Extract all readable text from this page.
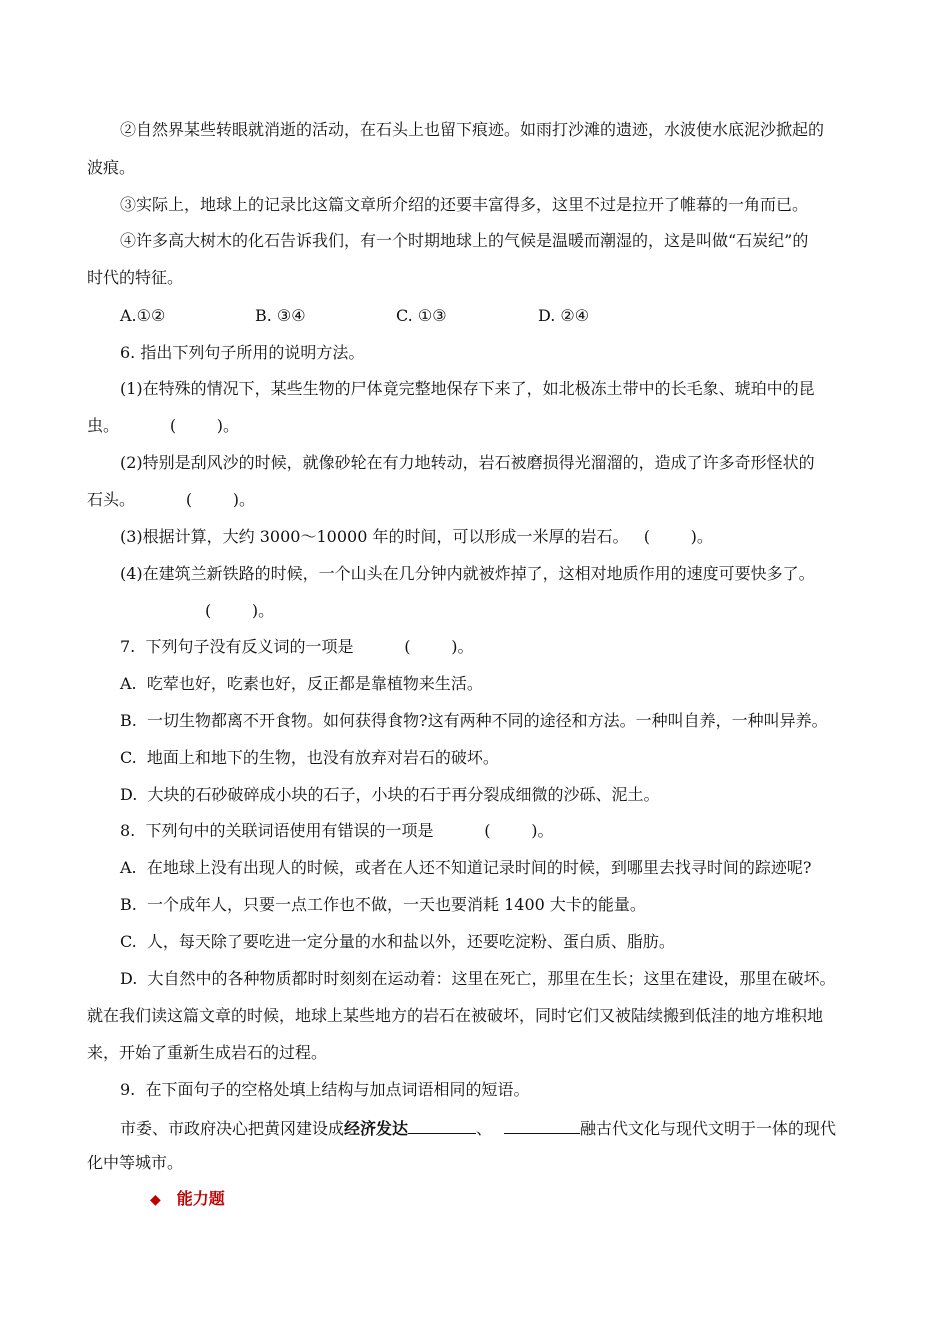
②自然界某些转眼就消逝的活动，在石头上也留下痕迹。如雨打沙滩的遗迹，水波使水底泥沙掀起的
波痕。
③实际上，地球上的记录比这篇文章所介绍的还要丰富得多，这里不过是拉开了帷幕的一角而已。
④许多高大树木的化石告诉我们，有一个时期地球上的气候是温暖而潮湿的，这是叫做“石炭纪”的
时代的特征。
A.①②	B. ③④	C. ①③	D. ②④
6. 指出下列句子所用的说明方法。
(1)在特殊的情况下，某些生物的尸体竟完整地保存下来了，如北极冻土带中的长毛象、琥珀中的昆
虫。          (        )。
(2)特别是刮风沙的时候，就像砂轮在有力地转动，岩石被磨损得光溜溜的，造成了许多奇形怪状的
石头。          (        )。
(3)根据计算，大约 3000～10000 年的时间，可以形成一米厚的岩石。   (        )。
(4)在建筑兰新铁路的时候，一个山头在几分钟内就被炸掉了，这相对地质作用的速度可要快多了。
(        )。
7.  下列句子没有反义词的一项是          (        )。
A.  吃荤也好，吃素也好，反正都是靠植物来生活。
B.  一切生物都离不开食物。如何获得食物?这有两种不同的途径和方法。一种叫自养，一种叫异养。
C.  地面上和地下的生物，也没有放弃对岩石的破坏。
D.  大块的石砂破碎成小块的石子，小块的石于再分裂成细微的沙砾、泥土。
8.  下列句中的关联词语使用有错误的一项是          (        )。
A.  在地球上没有出现人的时候，或者在人还不知道记录时间的时候，到哪里去找寻时间的踪迹呢?
B.  一个成年人，只要一点工作也不做，一天也要消耗 1400 大卡的能量。
C.  人，每天除了要吃进一定分量的水和盐以外，还要吃淀粉、蛋白质、脂肪。
D.  大自然中的各种物质都时时刻刻在运动着：这里在死亡，那里在生长；这里在建设，那里在破坏。
就在我们读这篇文章的时候，地球上某些地方的岩石在被破坏，同时它们又被陆续搬到低洼的地方堆积地
来，开始了重新生成岩石的过程。
9.  在下面句子的空格处填上结构与加点词语相同的短语。
市委、市政府决心把黄冈建设成经济发达	、	融古代文化与现代文明于一体的现代
化中等城市。
◆ 能力题
